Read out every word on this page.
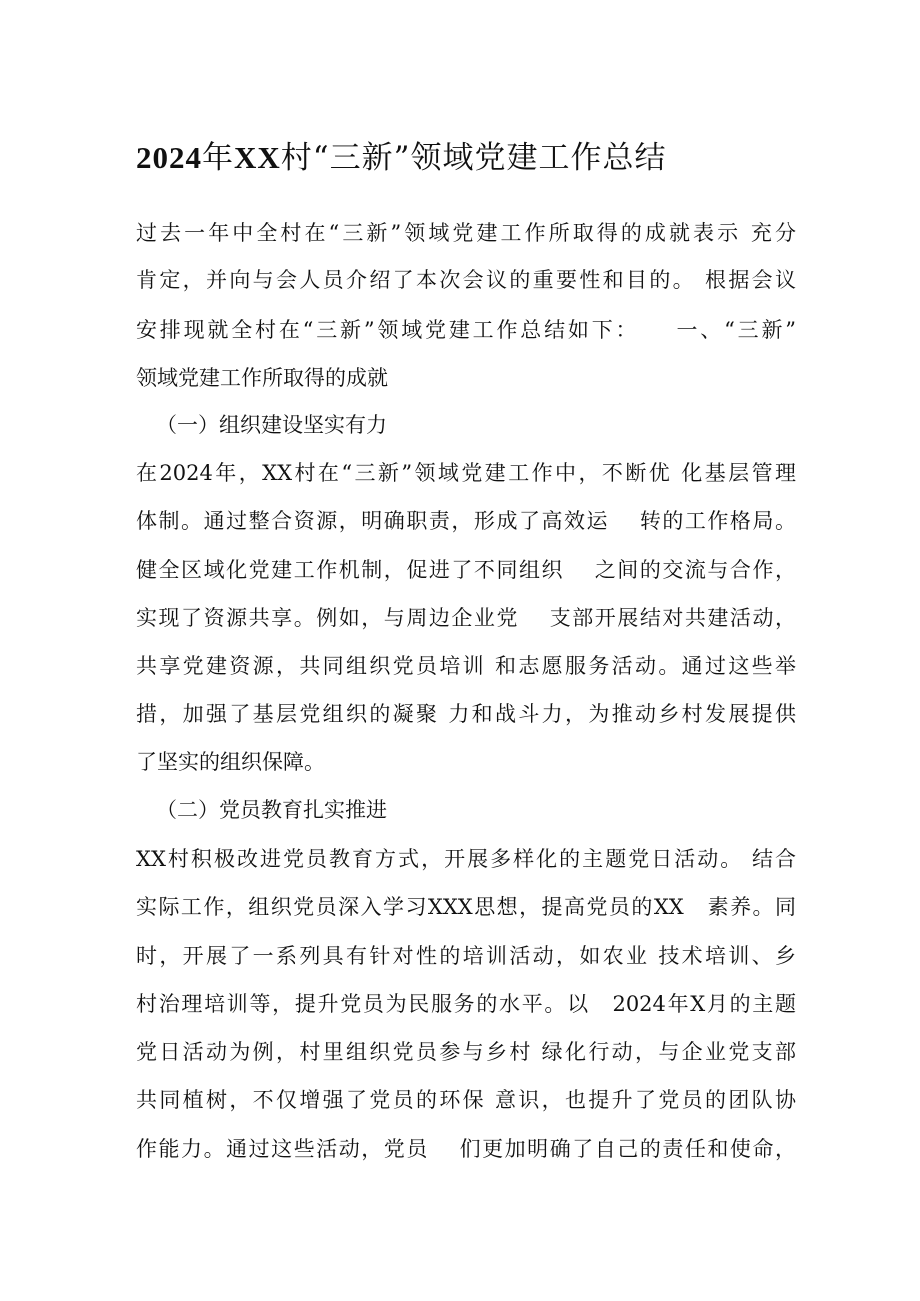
2024年XX村“三新”领域党建工作总结
过去一年中全村在“三新”领域党建工作所取得的成就表示 充分
肯定，并向与会人员介绍了本次会议的重要性和目的。 根据会议
安排现就全村在“三新”领域党建工作总结如下：　　一、“三新”
领域党建工作所取得的成就
（一）组织建设坚实有力
在2024年，XX村在“三新”领域党建工作中，不断优 化基层管理
体制。通过整合资源，明确职责，形成了高效运　 转的工作格局。
健全区域化党建工作机制，促进了不同组织　 之间的交流与合作，
实现了资源共享。例如，与周边企业党　 支部开展结对共建活动，
共享党建资源，共同组织党员培训 和志愿服务活动。通过这些举
措，加强了基层党组织的凝聚 力和战斗力，为推动乡村发展提供
了坚实的组织保障。
（二）党员教育扎实推进
XX村积极改进党员教育方式，开展多样化的主题党日活动。 结合
实际工作，组织党员深入学习XXX思想，提高党员的XX　素养。同
时，开展了一系列具有针对性的培训活动，如农业 技术培训、乡
村治理培训等，提升党员为民服务的水平。以　2024年X月的主题
党日活动为例，村里组织党员参与乡村 绿化行动，与企业党支部
共同植树，不仅增强了党员的环保 意识，也提升了党员的团队协
作能力。通过这些活动，党员　 们更加明确了自己的责任和使命，
